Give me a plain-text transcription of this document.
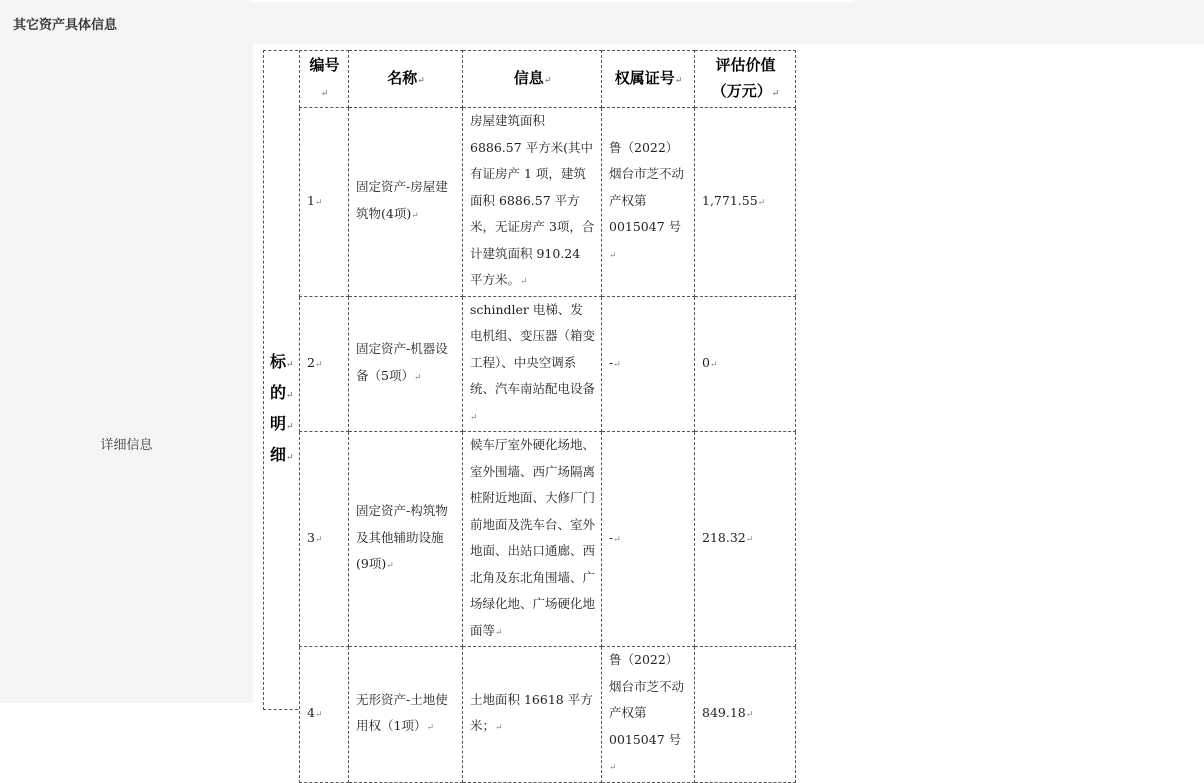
其它资产具体信息
详细信息
标↵
的↵
明↵
细↵
编号↵	名称↵	信息↵	权属证号↵	评估价值（万元）↵
1↵	固定资产-房屋建筑物(4项)↵	房屋建筑面积 6886.57 平方米(其中有证房产 1 项，建筑面积 6886.57 平方米，无证房产 3项，合计建筑面积 910.24 平方米。↵	鲁（2022）烟台市芝不动产权第 0015047 号↵	1,771.55↵
2↵	固定资产-机器设备（5项）↵	schindler 电梯、发电机组、变压器（箱变工程）、中央空调系统、汽车南站配电设备↵	-↵	0↵
3↵	固定资产-构筑物及其他辅助设施(9项)↵	候车厅室外硬化场地、室外围墙、西广场隔离桩附近地面、大修厂门前地面及洗车台、室外地面、出站口通廊、西北角及东北角围墙、广场绿化地、广场硬化地面等↵	-↵	218.32↵
4↵	无形资产-土地使用权（1项）↵	土地面积 16618 平方米；↵	鲁（2022）烟台市芝不动产权第 0015047 号↵	849.18↵
